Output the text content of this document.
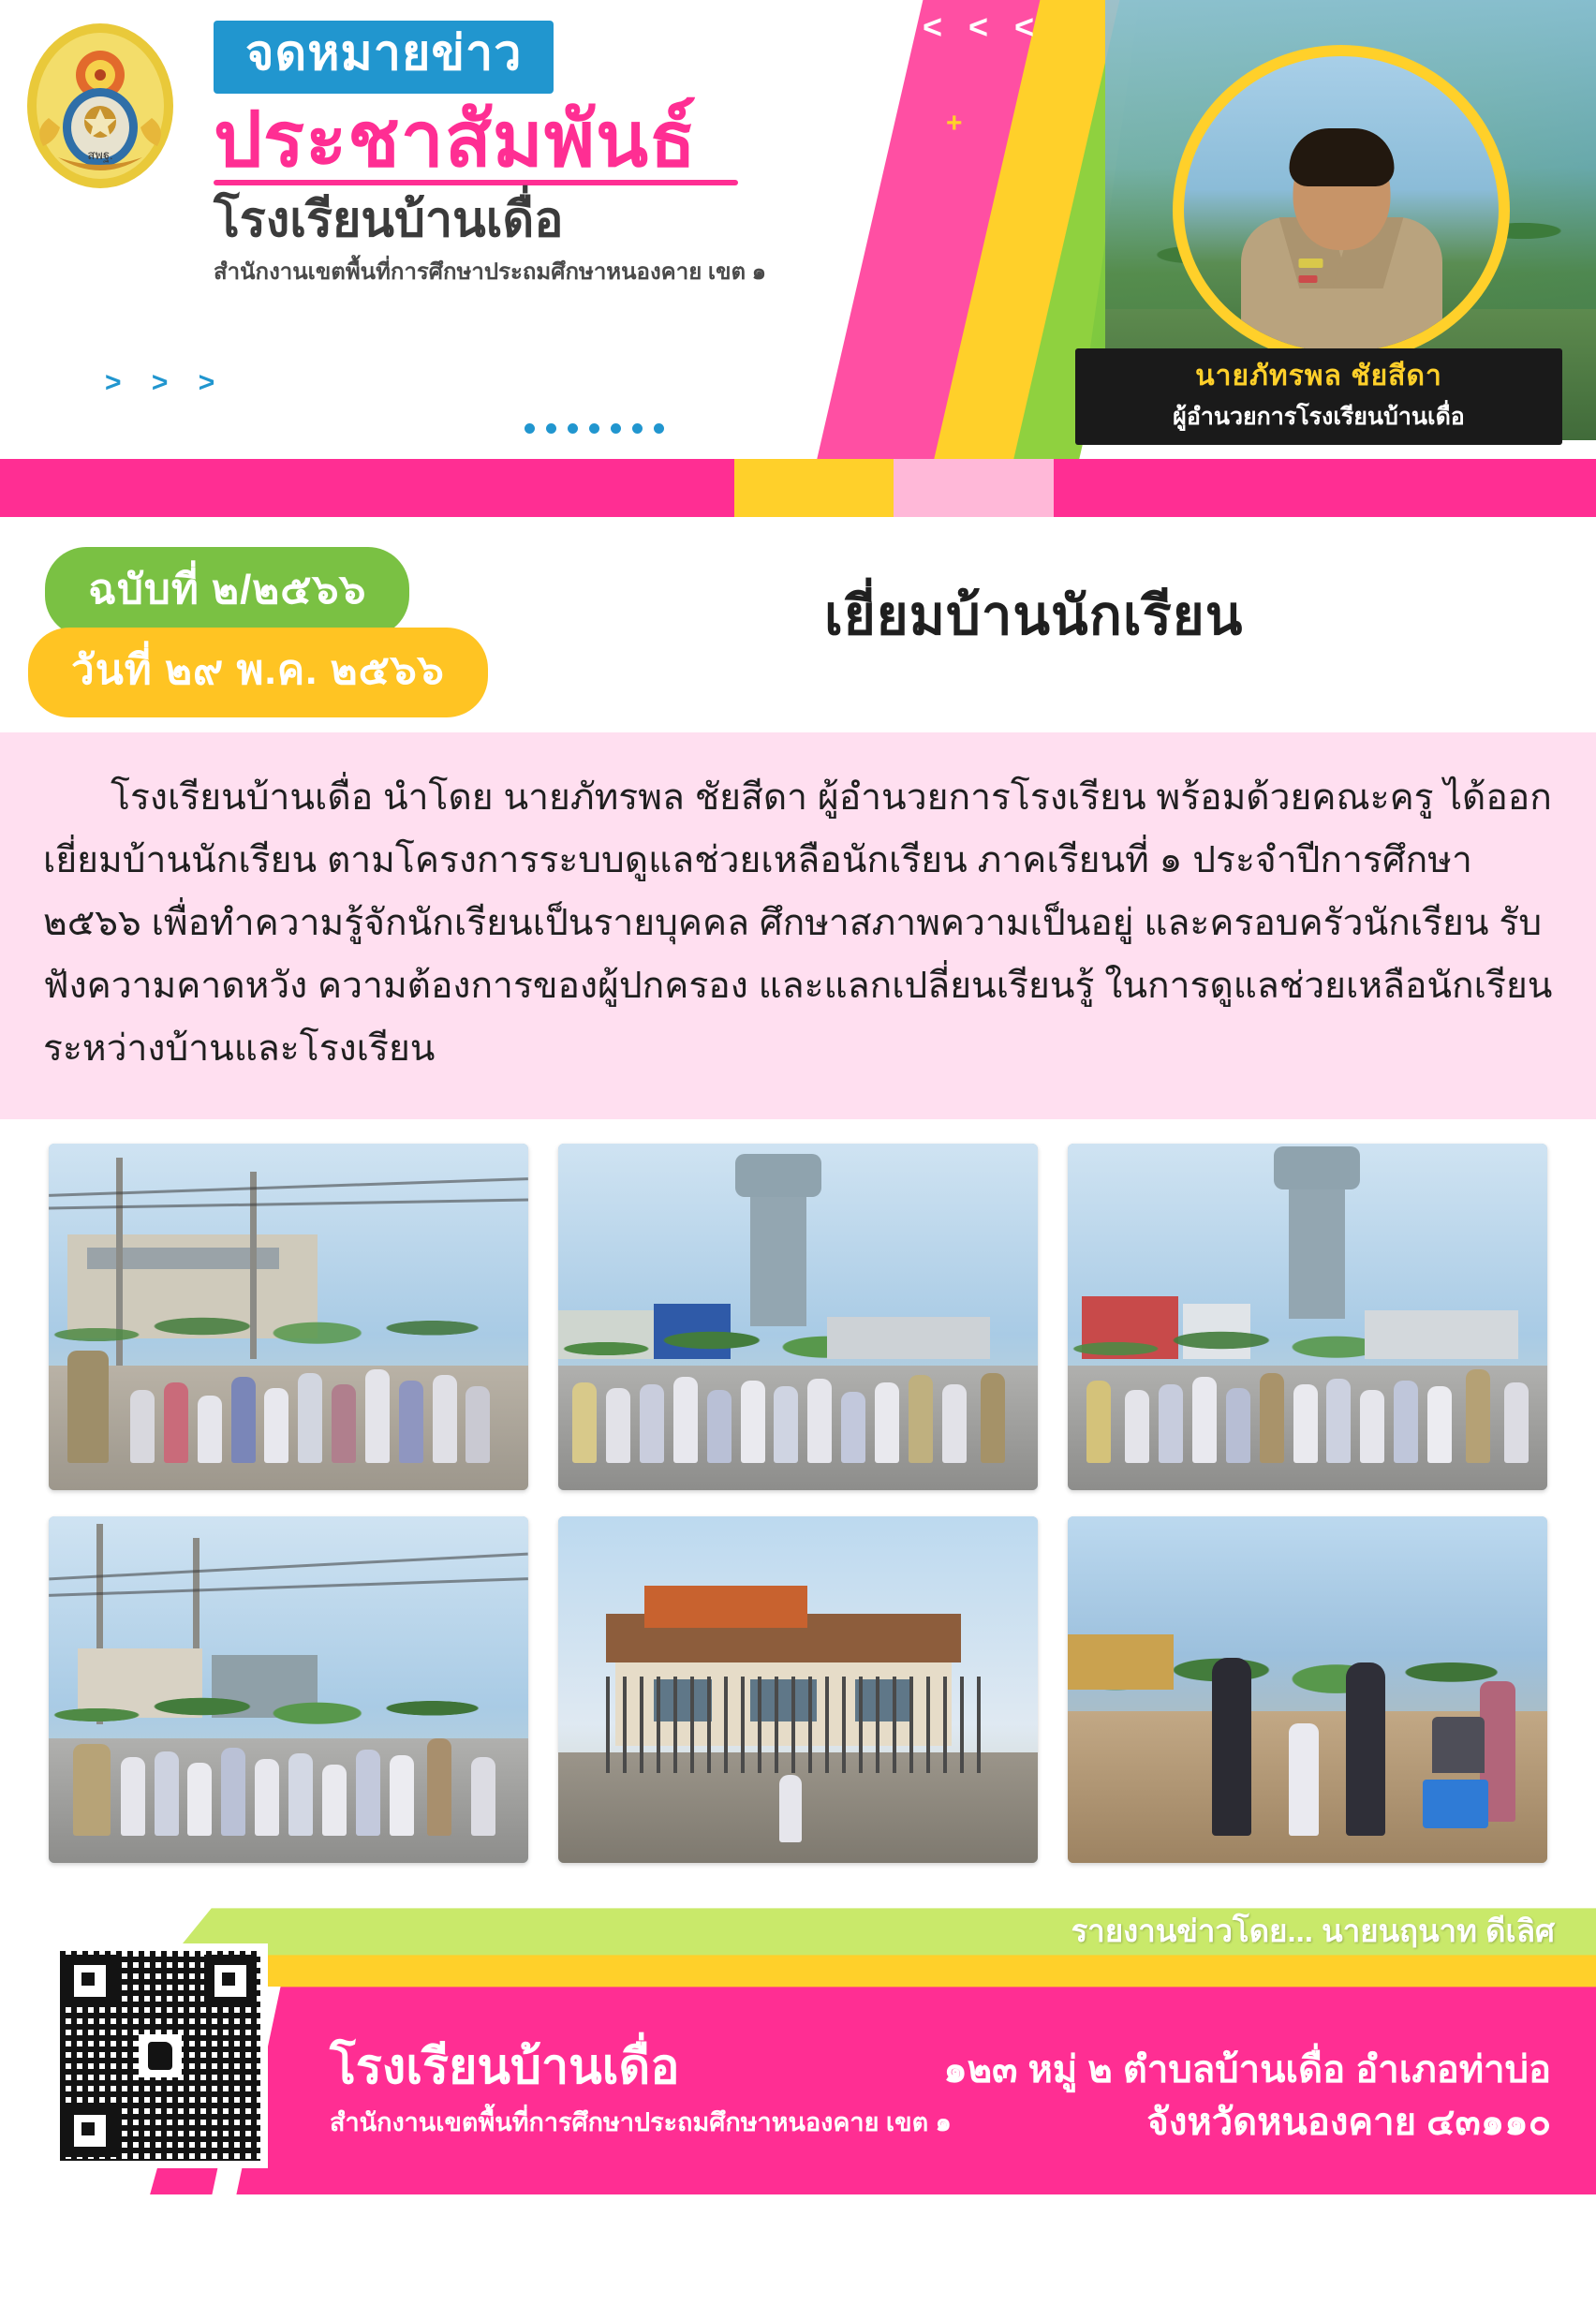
< < <
+
สพฐ.
จดหมายข่าว
ประชาสัมพันธ์
โรงเรียนบ้านเดื่อ
สำนักงานเขตพื้นที่การศึกษาประถมศึกษาหนองคาย เขต ๑
> > >	นายภัทรพล ชัยสีดา
ผู้อำนวยการโรงเรียนบ้านเดื่อ
ฉบับที่ ๒/๒๕๖๖
วันที่ ๒๙ พ.ค. ๒๕๖๖
เยี่ยมบ้านนักเรียน

โรงเรียนบ้านเดื่อ นำโดย นายภัทรพล ชัยสีดา ผู้อำนวยการโรงเรียน พร้อมด้วยคณะครู ได้ออกเยี่ยมบ้านนักเรียน ตามโครงการระบบดูแลช่วยเหลือนักเรียน ภาคเรียนที่ ๑ ประจำปีการศึกษา ๒๕๖๖ เพื่อทำความรู้จักนักเรียนเป็นรายบุคคล ศึกษาสภาพความเป็นอยู่ และครอบครัวนักเรียน รับฟังความคาดหวัง ความต้องการของผู้ปกครอง และแลกเปลี่ยนเรียนรู้ ในการดูแลช่วยเหลือนักเรียนระหว่างบ้านและโรงเรียน

รายงานข่าวโดย... นายนฤนาท ดีเลิศ
โรงเรียนบ้านเดื่อ
สำนักงานเขตพื้นที่การศึกษาประถมศึกษาหนองคาย เขต ๑
๑๒๓ หมู่ ๒ ตำบลบ้านเดื่อ อำเภอท่าบ่อ
จังหวัดหนองคาย ๔๓๑๑๐
